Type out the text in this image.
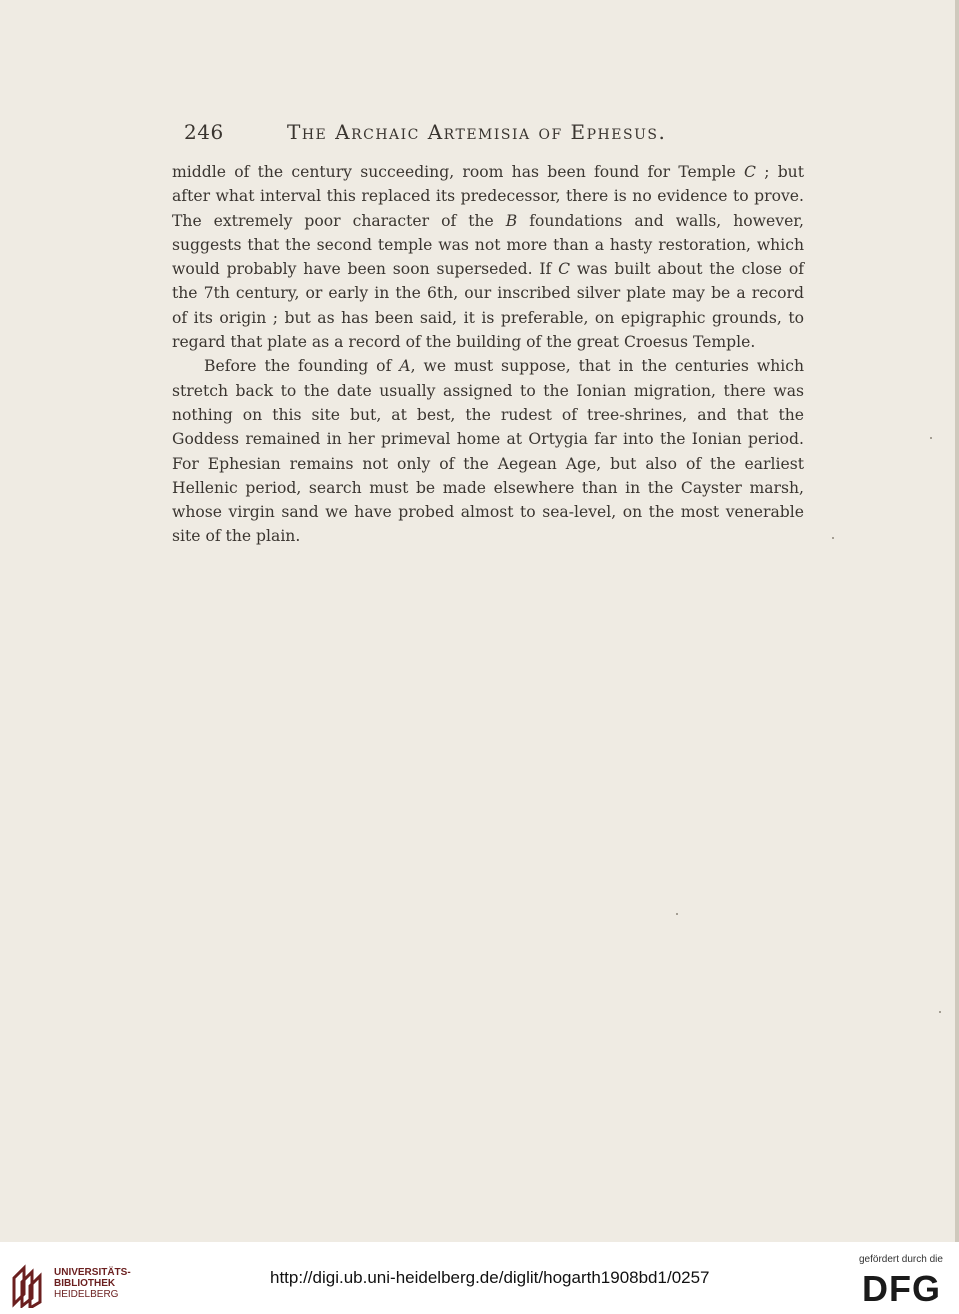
246	The Archaic Artemisia of Ephesus.

middle of the century succeeding, room has been found for Temple C ; but after what interval this replaced its predecessor, there is no evidence to prove. The extremely poor character of the B foundations and walls, however, suggests that the second temple was not more than a hasty restoration, which would probably have been soon superseded. If C was built about the close of the 7th century, or early in the 6th, our inscribed silver plate may be a record of its origin ; but as has been said, it is preferable, on epigraphic grounds, to regard that plate as a record of the building of the great Croesus Temple.

Before the founding of A, we must suppose, that in the centuries which stretch back to the date usually assigned to the Ionian migration, there was nothing on this site but, at best, the rudest of tree-shrines, and that the Goddess remained in her primeval home at Ortygia far into the Ionian period. For Ephesian remains not only of the Aegean Age, but also of the earliest Hellenic period, search must be made elsewhere than in the Cayster marsh, whose virgin sand we have probed almost to sea-level, on the most venerable site of the plain.

UNIVERSITÄTS-
BIBLIOTHEK
HEIDELBERG
http://digi.ub.uni-heidelberg.de/diglit/hogarth1908bd1/0257
gefördert durch die
DFG
